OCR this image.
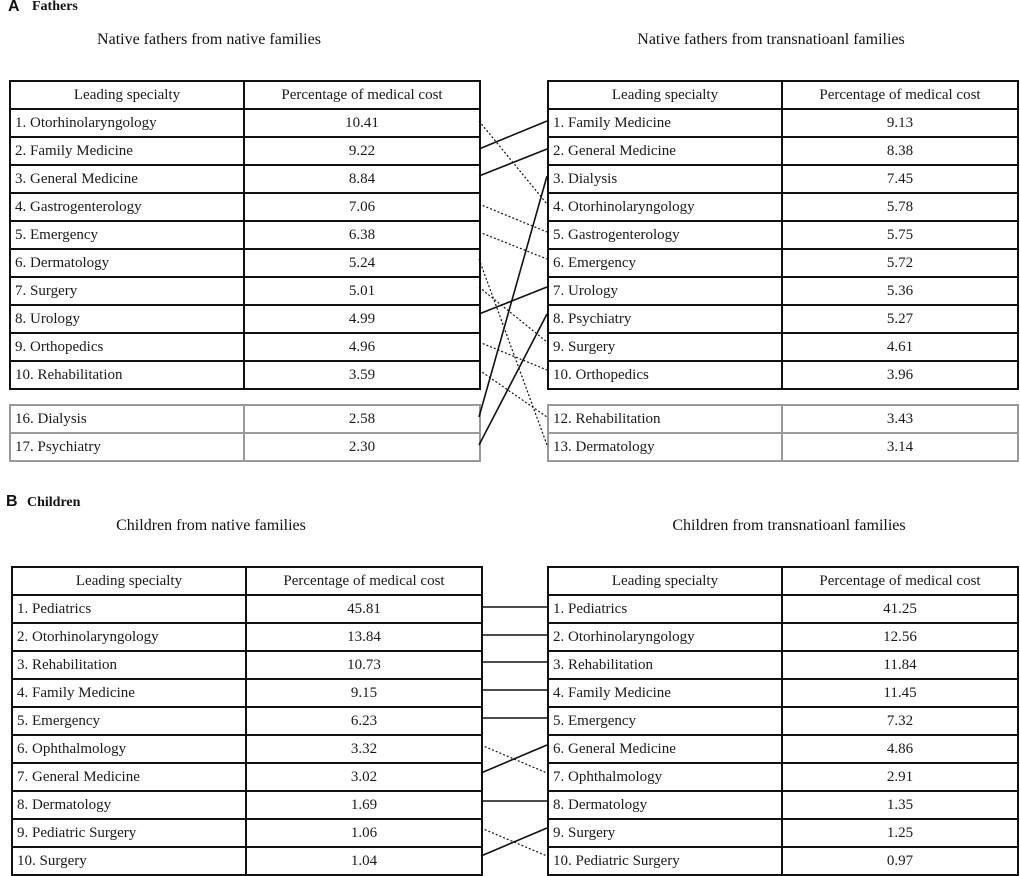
A Fathers
Native fathers from native families	Native fathers from transnatioanl families
Leading specialty	Percentage of medical cost
1. Otorhinolaryngology	10.41
2. Family Medicine	9.22
3. General Medicine	8.84
4. Gastrogenterology	7.06
5. Emergency	6.38
6. Dermatology	5.24
7. Surgery	5.01
8. Urology	4.99
9. Orthopedics	4.96
10. Rehabilitation	3.59
16. Dialysis	2.58
17. Psychiatry	2.30
Leading specialty	Percentage of medical cost
1. Family Medicine	9.13
2. General Medicine	8.38
3. Dialysis	7.45
4. Otorhinolaryngology	5.78
5. Gastrogenterology	5.75
6. Emergency	5.72
7. Urology	5.36
8. Psychiatry	5.27
9. Surgery	4.61
10. Orthopedics	3.96
12. Rehabilitation	3.43
13. Dermatology	3.14
B Children
Children from native families	Children from transnatioanl families
Leading specialty	Percentage of medical cost
1. Pediatrics	45.81
2. Otorhinolaryngology	13.84
3. Rehabilitation	10.73
4. Family Medicine	9.15
5. Emergency	6.23
6. Ophthalmology	3.32
7. General Medicine	3.02
8. Dermatology	1.69
9. Pediatric Surgery	1.06
10. Surgery	1.04
Leading specialty	Percentage of medical cost
1. Pediatrics	41.25
2. Otorhinolaryngology	12.56
3. Rehabilitation	11.84
4. Family Medicine	11.45
5. Emergency	7.32
6. General Medicine	4.86
7. Ophthalmology	2.91
8. Dermatology	1.35
9. Surgery	1.25
10. Pediatric Surgery	0.97
